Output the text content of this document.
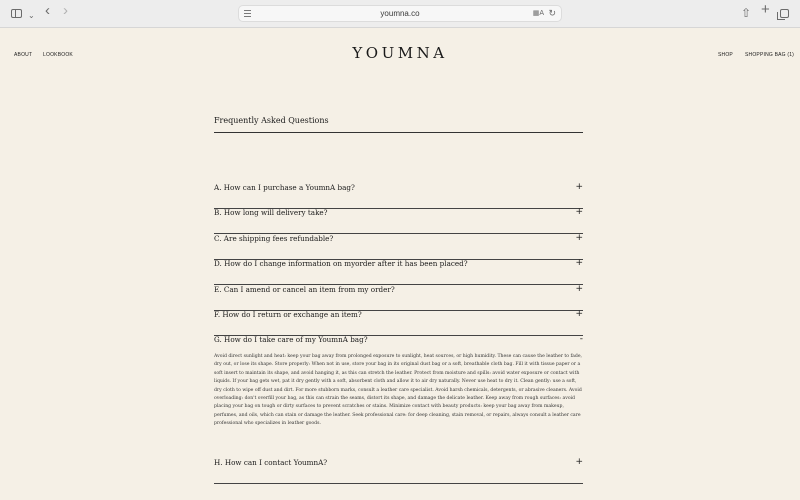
⌄ ‹ ›	youmna.co	▦A ↻	⇧ +
ABOUT LOOKBOOK	YOUMNA	SHOP SHOPPING BAG (1)
Frequently Asked Questions
A. How can I purchase a YoumnA bag?	+
B. How long will delivery take?	+
C. Are shipping fees refundable?	+
D. How do I change information on myorder after it has been placed?	+
E. Can I amend or cancel an item from my order?	+
F. How do I return or exchange an item?	+
G. How do I take care of my YoumnA bag?	-
Avoid direct sunlight and heat: keep your bag away from prolonged exposure to sunlight, heat sources, or high humidity. These can cause the leather to fade, dry out, or lose its shape. Store properly: When not in use, store your bag in its original dust bag or a soft, breathable cloth bag. Fill it with tissue paper or a soft insert to maintain its shape, and avoid hanging it, as this can stretch the leather. Protect from moisture and spills: avoid water exposure or contact with liquids. If your bag gets wet, pat it dry gently with a soft, absorbent cloth and allow it to air dry naturally. Never use heat to dry it. Clean gently: use a soft, dry cloth to wipe off dust and dirt. For more stubborn marks, consult a leather care specialist. Avoid harsh chemicals, detergents, or abrasive cleaners. Avoid overloading: don't overfill your bag, as this can strain the seams, distort its shape, and damage the delicate leather. Keep away from rough surfaces: avoid placing your bag on tough or dirty surfaces to prevent scratches or stains. Minimize contact with beauty products: keep your bag away from makeup, perfumes, and oils, which can stain or damage the leather. Seek professional care: for deep cleaning, stain removal, or repairs, always consult a leather care professional who specializes in leather goods.
H. How can I contact YoumnA?	+
